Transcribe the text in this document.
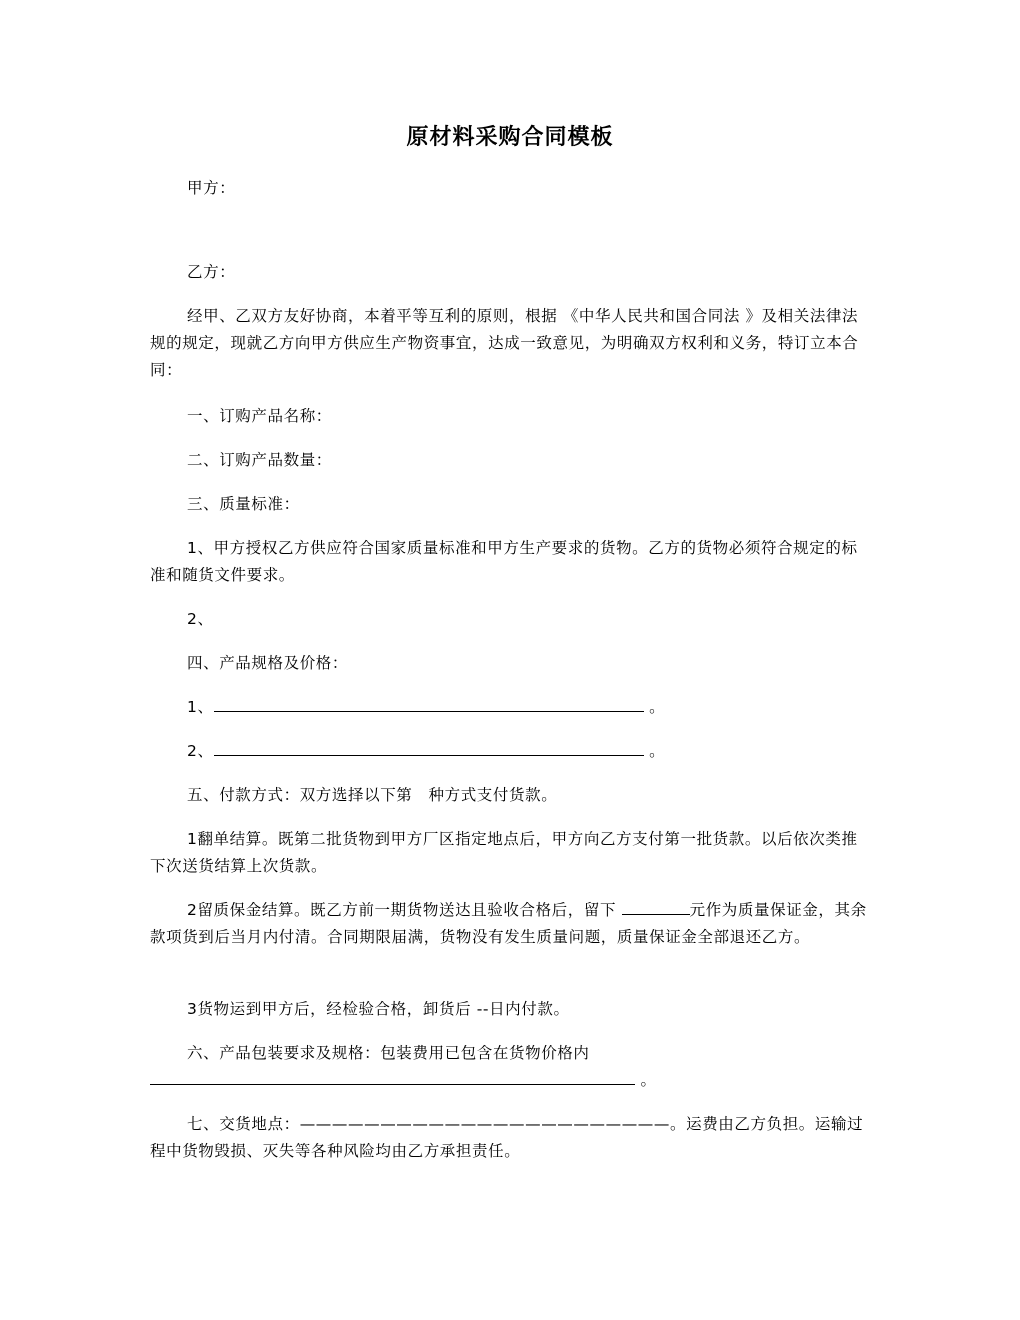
原材料采购合同模板

甲方：

乙方：

经甲、乙双方友好协商，本着平等互利的原则，根据 《中华人民共和国合同法 》及相关法律法规的规定，现就乙方向甲方供应生产物资事宜，达成一致意见，为明确双方权利和义务，特订立本合同：

一、订购产品名称：

二、订购产品数量：

三、质量标准：

1、甲方授权乙方供应符合国家质量标准和甲方生产要求的货物。乙方的货物必须符合规定的标准和随货文件要求。

2、

四、产品规格及价格：

1、	。

2、	。

五、付款方式：双方选择以下第　种方式支付货款。

1翻单结算。既第二批货物到甲方厂区指定地点后，甲方向乙方支付第一批货款。以后依次类推下次送货结算上次货款。

2留质保金结算。既乙方前一期货物送达且验收合格后，留下	元作为质量保证金，其余款项货到后当月内付清。合同期限届满，货物没有发生质量问题，质量保证金全部退还乙方。

3货物运到甲方后，经检验合格，卸货后 --日内付款。

六、产品包装要求及规格：包装费用已包含在货物价格内

。

七、交货地点：———————————————————————。运费由乙方负担。运输过程中货物毁损、灭失等各种风险均由乙方承担责任。
